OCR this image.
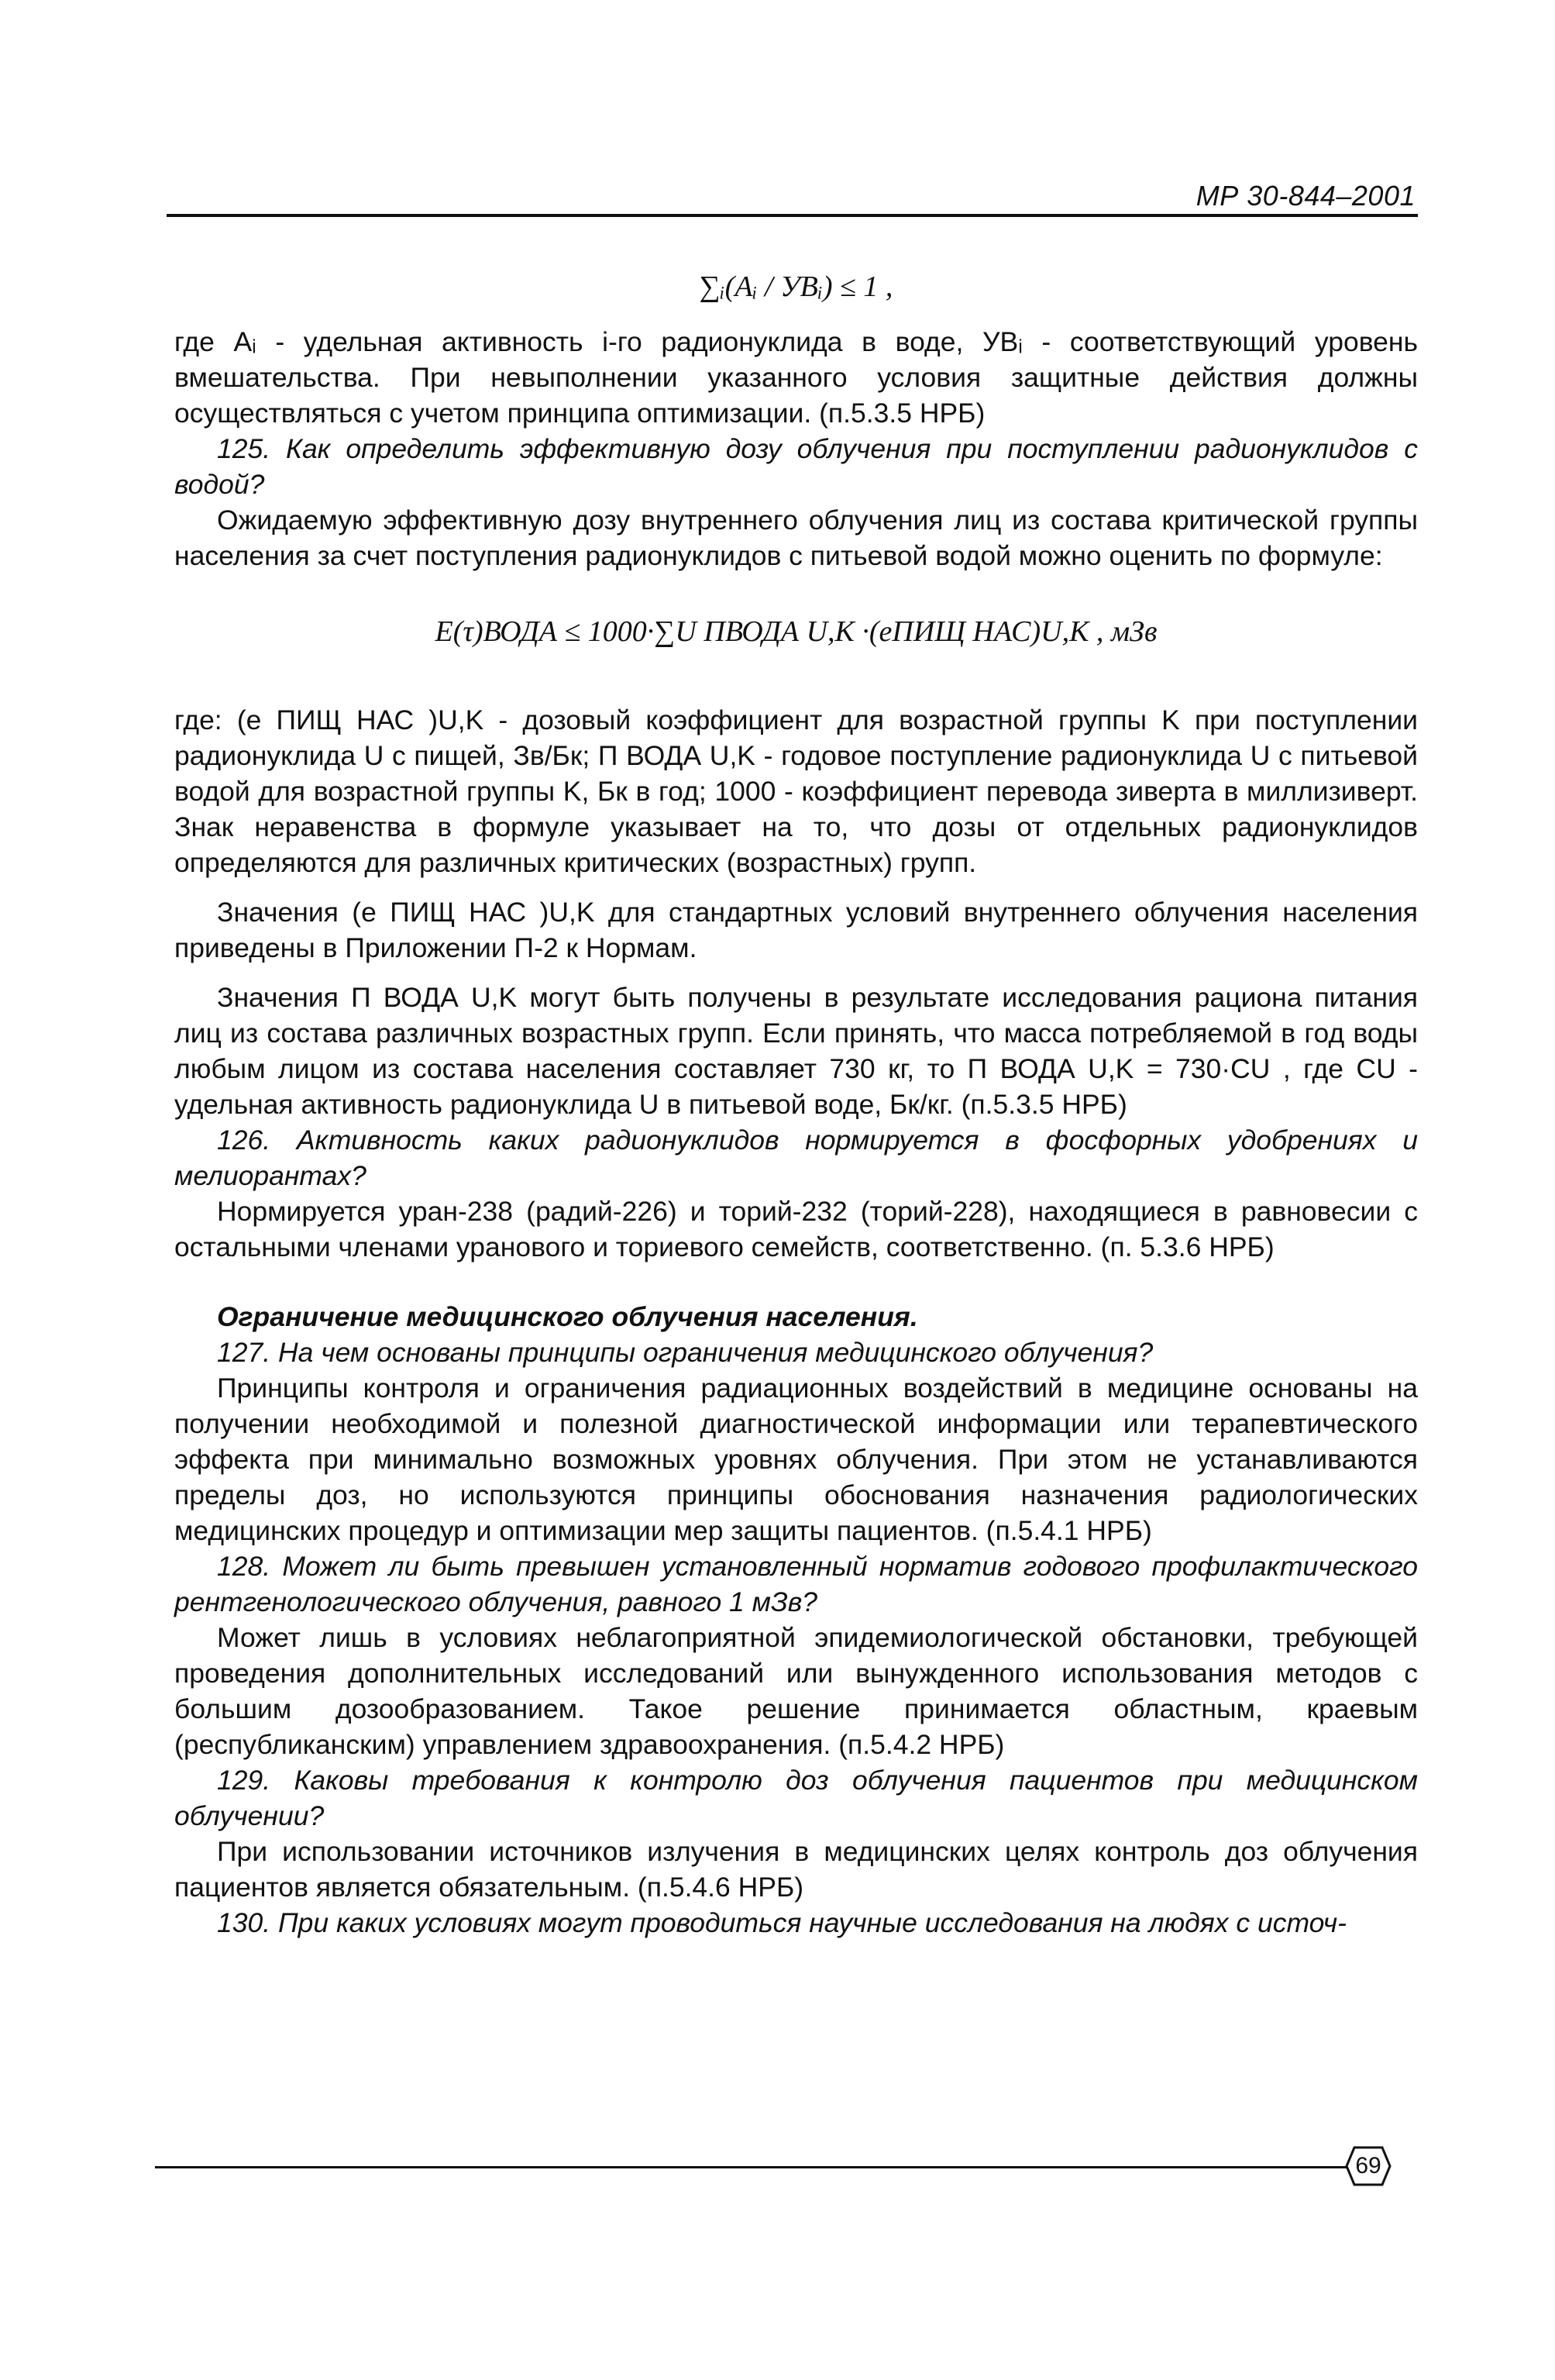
МР 30-844–2001
∑ᵢ(Aᵢ / УВᵢ) ≤ 1 ,

где Aᵢ - удельная активность i-го радионуклида в воде, УВᵢ - соответствующий уровень вмешательства. При невыполнении указанного условия защитные действия должны осуществляться с учетом принципа оптимизации. (п.5.3.5 НРБ)

125. Как определить эффективную дозу облучения при поступлении радионуклидов с водой?

Ожидаемую эффективную дозу внутреннего облучения лиц из состава критической группы населения за счет поступления радионуклидов с питьевой водой можно оценить по формуле:

E(τ)ВОДА ≤ 1000·∑U ПВОДА U,K ·(eПИЩ НАС)U,K , мЗв

где: (e ПИЩ НАС )U,K - дозовый коэффициент для возрастной группы K при поступлении радионуклида U с пищей, Зв/Бк; П ВОДА U,K - годовое поступление радионуклида U с питьевой водой для возрастной группы K, Бк в год; 1000 - коэффициент перевода зиверта в миллизиверт. Знак неравенства в формуле указывает на то, что дозы от отдельных радионуклидов определяются для различных критических (возрастных) групп.

Значения (e ПИЩ НАС )U,K для стандартных условий внутреннего облучения населения приведены в Приложении П-2 к Нормам.

Значения П ВОДА U,K могут быть получены в результате исследования рациона питания лиц из состава различных возрастных групп. Если принять, что масса потребляемой в год воды любым лицом из состава населения составляет 730 кг, то П ВОДА U,K = 730·CU , где CU - удельная активность радионуклида U в питьевой воде, Бк/кг. (п.5.3.5 НРБ)

126. Активность каких радионуклидов нормируется в фосфорных удобрениях и мелиорантах?

Нормируется уран-238 (радий-226) и торий-232 (торий-228), находящиеся в равновесии с остальными членами уранового и ториевого семейств, соответственно. (п. 5.3.6 НРБ)

Ограничение медицинского облучения населения.

127. На чем основаны принципы ограничения медицинского облучения?

Принципы контроля и ограничения радиационных воздействий в медицине основаны на получении необходимой и полезной диагностической информации или терапевтического эффекта при минимально возможных уровнях облучения. При этом не устанавливаются пределы доз, но используются принципы обоснования назначения радиологических медицинских процедур и оптимизации мер защиты пациентов. (п.5.4.1 НРБ)

128. Может ли быть превышен установленный норматив годового профилактического рентгенологического облучения, равного 1 мЗв?

Может лишь в условиях неблагоприятной эпидемиологической обстановки, требующей проведения дополнительных исследований или вынужденного использования методов с большим дозообразованием. Такое решение принимается областным, краевым (республиканским) управлением здравоохранения. (п.5.4.2 НРБ)

129. Каковы требования к контролю доз облучения пациентов при медицинском облучении?

При использовании источников излучения в медицинских целях контроль доз облучения пациентов является обязательным. (п.5.4.6 НРБ)

130. При каких условиях могут проводиться научные исследования на людях с источ-

69
